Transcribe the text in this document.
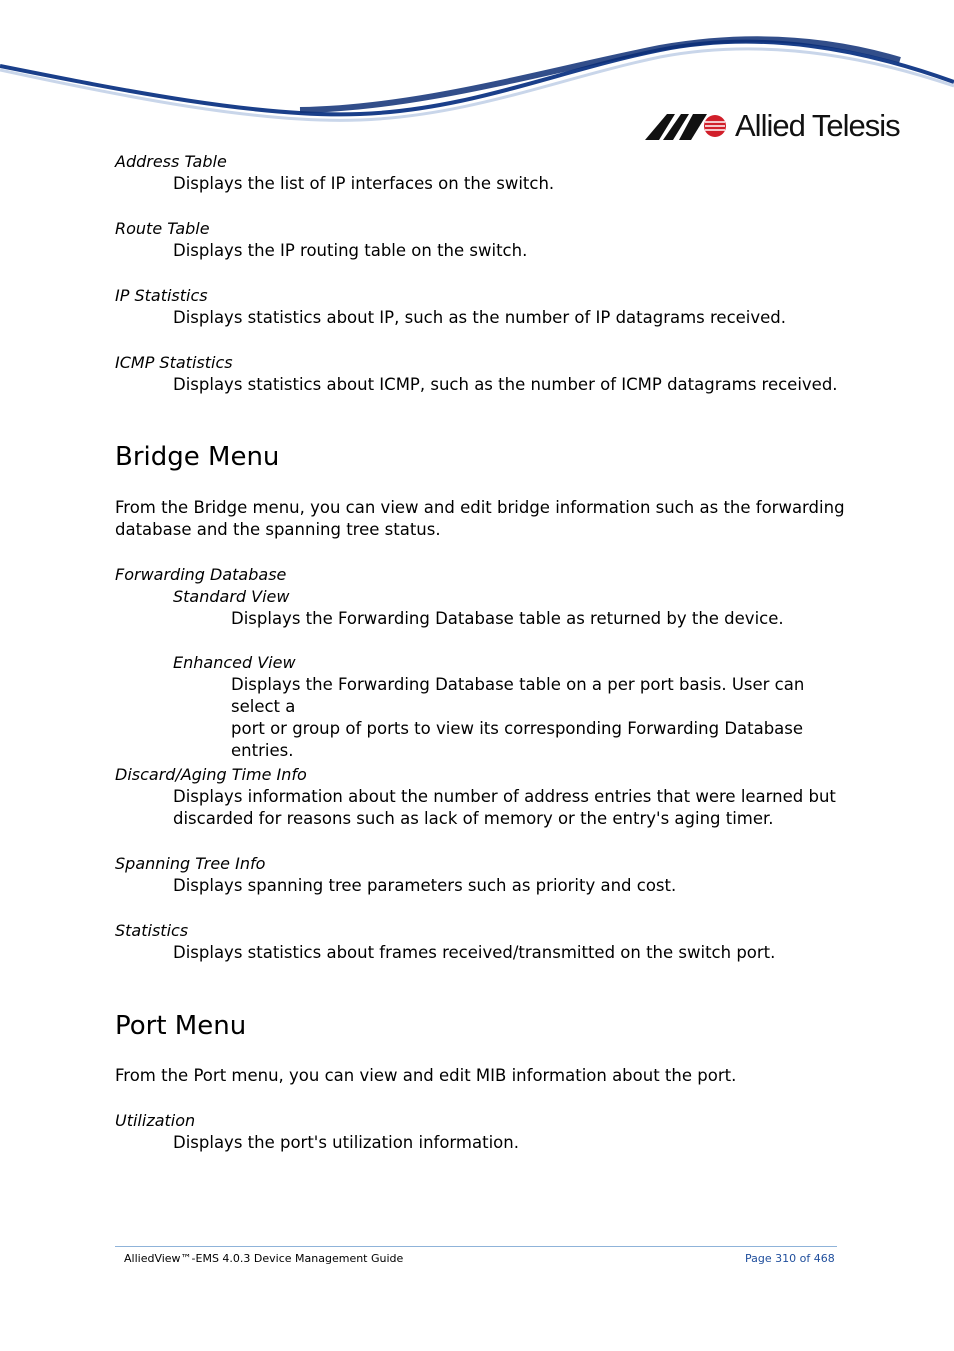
Allied Telesis
Address Table
Displays the list of IP interfaces on the switch.
Route Table
Displays the IP routing table on the switch.
IP Statistics
Displays statistics about IP, such as the number of IP datagrams received.
ICMP Statistics
Displays statistics about ICMP, such as the number of ICMP datagrams received.
Bridge Menu
From the Bridge menu, you can view and edit bridge information such as the forwarding
database and the spanning tree status.
Forwarding Database
Standard View
Displays the Forwarding Database table as returned by the device.
Enhanced View
Displays the Forwarding Database table on a per port basis. User can select a
port or group of ports to view its corresponding Forwarding Database
entries.
Discard/Aging Time Info
Displays information about the number of address entries that were learned but
discarded for reasons such as lack of memory or the entry's aging timer.
Spanning Tree Info
Displays spanning tree parameters such as priority and cost.
Statistics
Displays statistics about frames received/transmitted on the switch port.
Port Menu
From the Port menu, you can view and edit MIB information about the port.
Utilization
Displays the port's utilization information.
AlliedView™-EMS 4.0.3 Device Management Guide	Page 310 of 468
